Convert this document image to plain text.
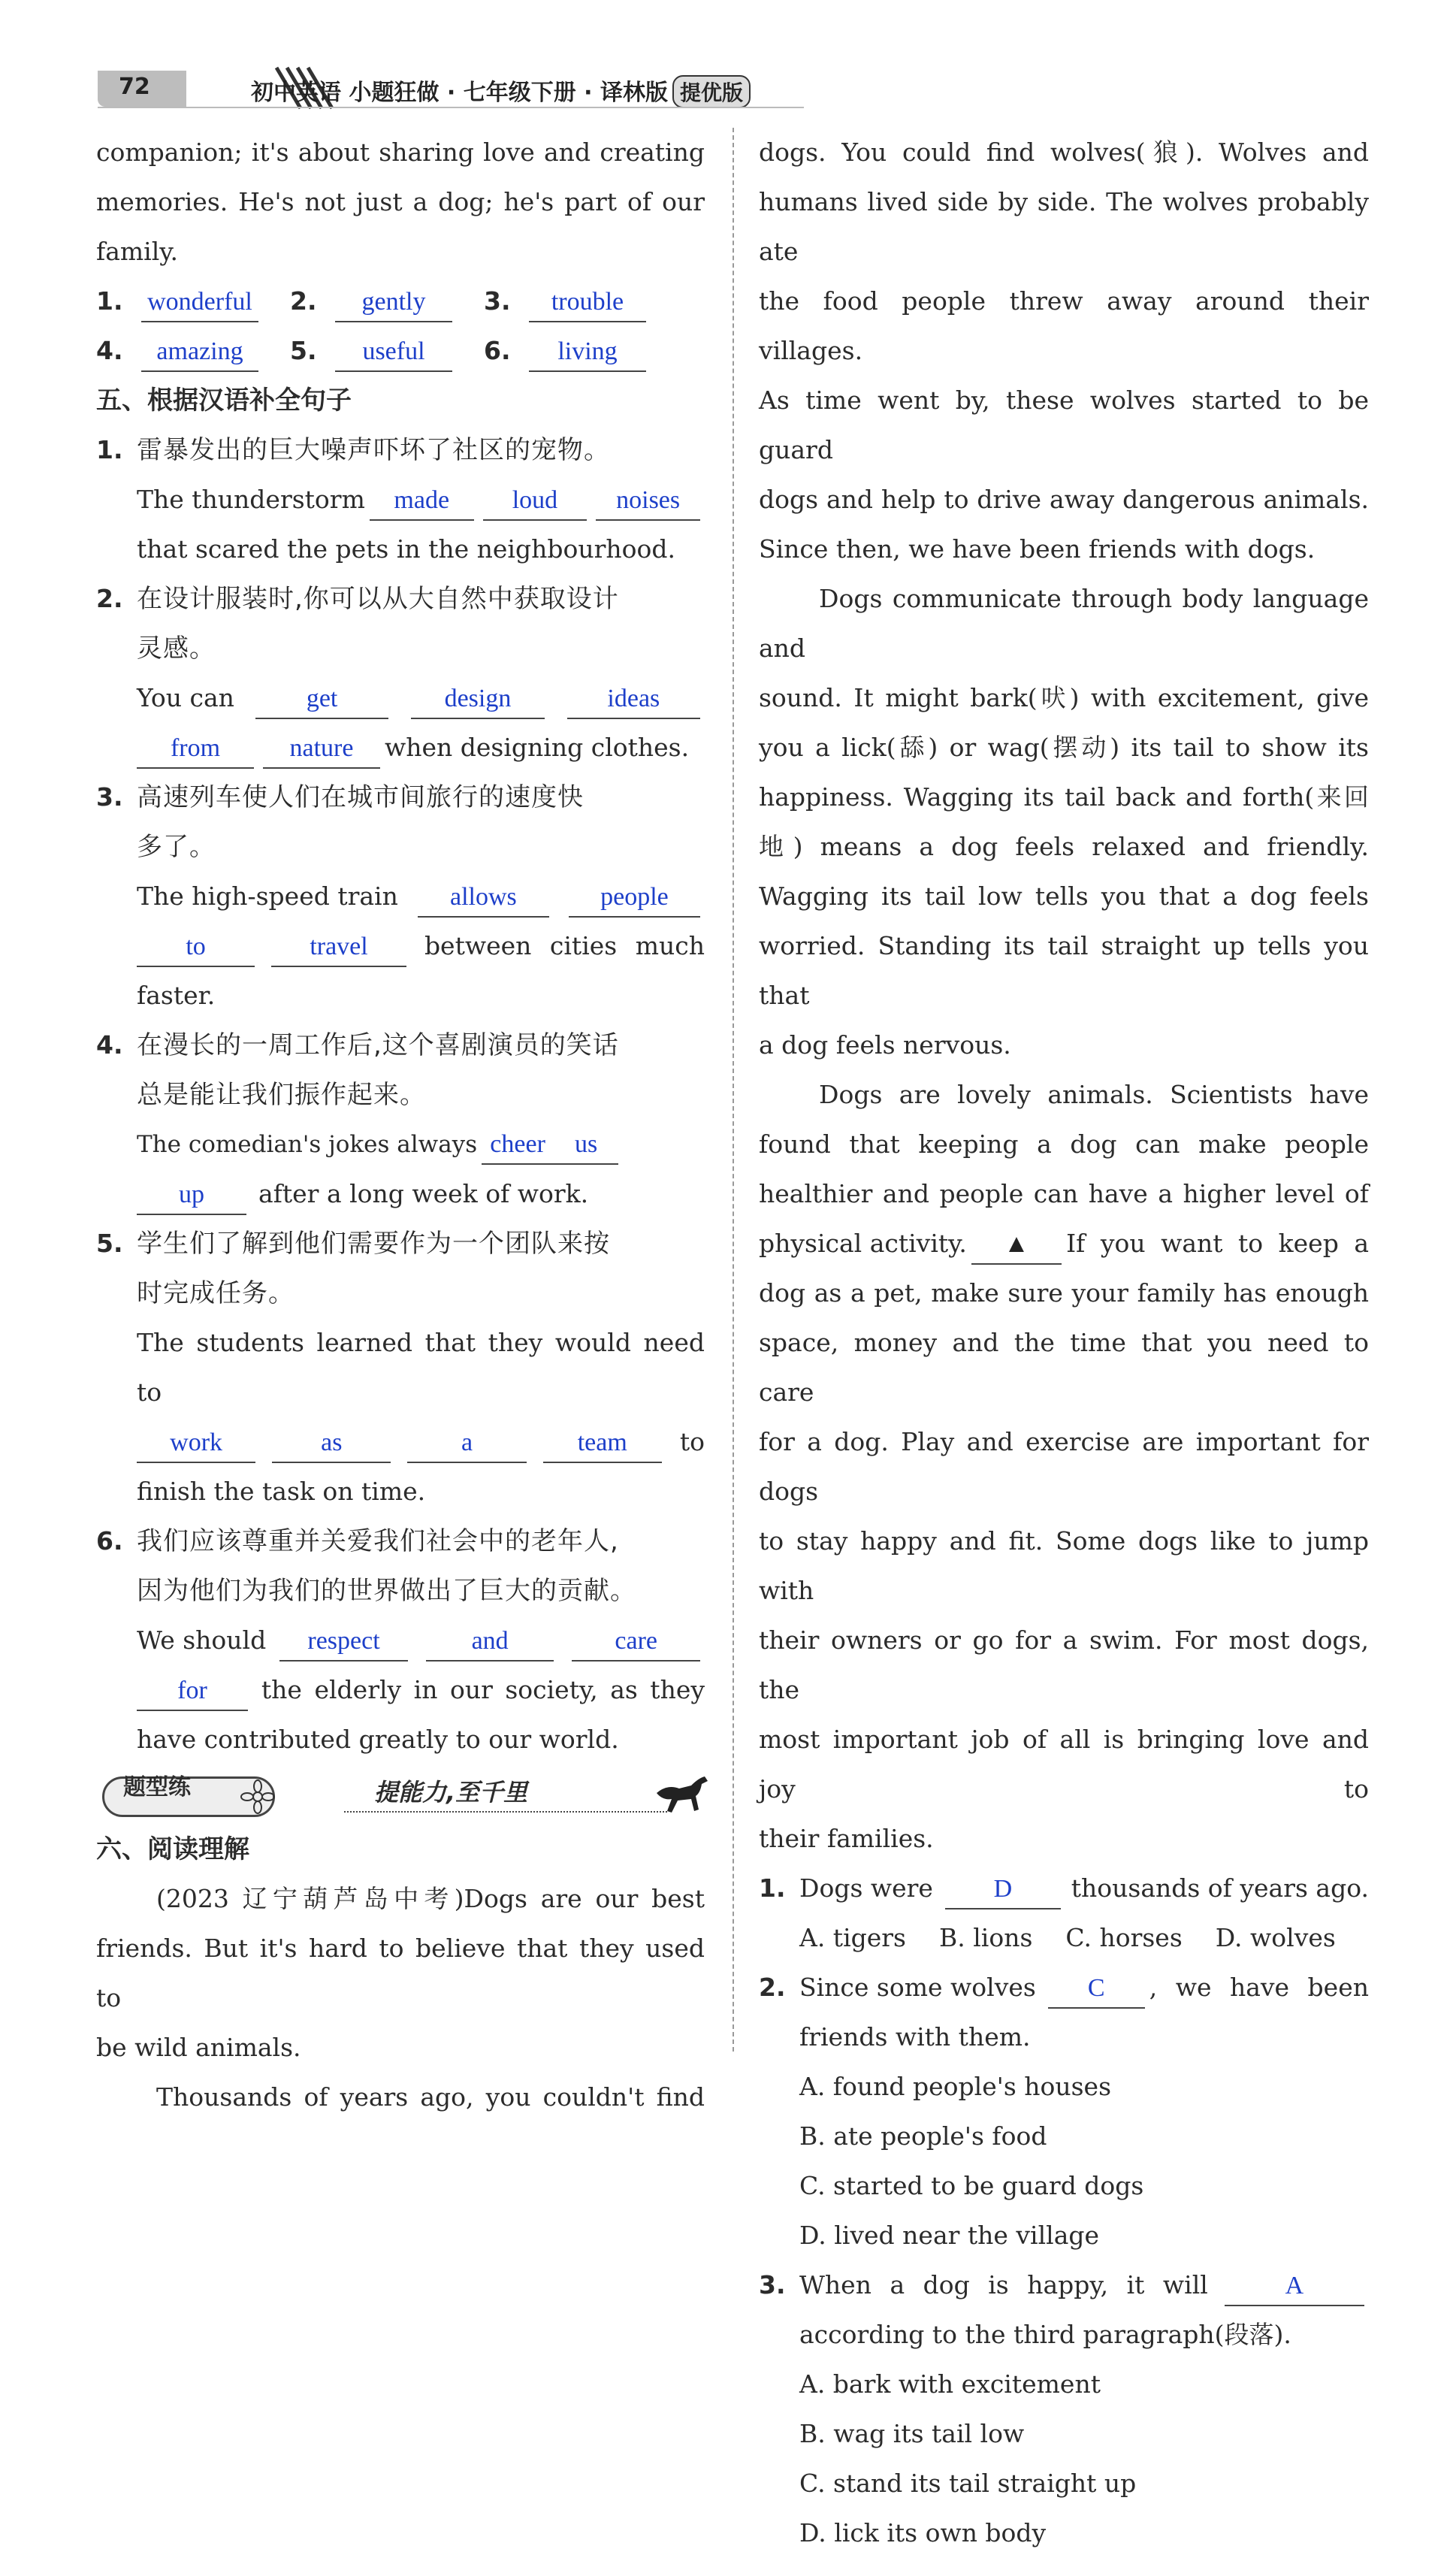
72	初中英语 小题狂做 · 七年级下册 · 译林版 提优版
companion; it's about sharing love and creating
memories. He's not just a dog; he's part of our
family.
1. wonderful 2.	gently	3.	trouble
4.	amazing	5.	useful	6.	living
五、根据汉语补全句子
1. 雷暴发出的巨大噪声吓坏了社区的宠物。
The thunderstorm	made	loud	noises
that scared the pets in the neighbourhood.
2. 在设计服装时,你可以从大自然中获取设计
灵感。
You can	get	design	ideas
from	nature	when designing clothes.
3. 高速列车使人们在城市间旅行的速度快
多了。
The high-speed train	allows	people
to	travel	between cities much
faster.
4. 在漫长的一周工作后,这个喜剧演员的笑话
总是能让我们振作起来。
The comedian's jokes always cheer	us
up	after a long week of work.
5. 学生们了解到他们需要作为一个团队来按
时完成任务。
The students learned that they would need to
work	as	a	team	to
finish the task on time.
6. 我们应该尊重并关爱我们社会中的老年人,
因为他们为我们的世界做出了巨大的贡献。
We should	respect	and	care
for	the elderly in our society, as they
have contributed greatly to our world.
题型练	提能力,至千里
六、阅读理解
(2023 辽宁葫芦岛中考)Dogs are our best
friends. But it's hard to believe that they used to
be wild animals.
Thousands of years ago, you couldn't find
dogs. You could find wolves(狼). Wolves and
humans lived side by side. The wolves probably ate
the food people threw away around their villages.
As time went by, these wolves started to be guard
dogs and help to drive away dangerous animals.
Since then, we have been friends with dogs.
Dogs communicate through body language and
sound. It might bark(吠) with excitement, give
you a lick(舔) or wag(摆动) its tail to show its
happiness. Wagging its tail back and forth(来回
地) means a dog feels relaxed and friendly.
Wagging its tail low tells you that a dog feels
worried. Standing its tail straight up tells you that
a dog feels nervous.
Dogs are lovely animals. Scientists have
found that keeping a dog can make people
healthier and people can have a higher level of
physical activity.	▲	If you want to keep a
dog as a pet, make sure your family has enough
space, money and the time that you need to care
for a dog. Play and exercise are important for dogs
to stay happy and fit. Some dogs like to jump with
their owners or go for a swim. For most dogs, the
most important job of all is bringing love and joy to
their families.
1. Dogs were	D	thousands of years ago.
A. tigers B. lions C. horses D. wolves
2. Since some wolves	C	, we have been
friends with them.
A. found people's houses
B. ate people's food
C. started to be guard dogs
D. lived near the village
3. When a dog is happy, it will	A
according to the third paragraph(段落).
A. bark with excitement
B. wag its tail low
C. stand its tail straight up
D. lick its own body
